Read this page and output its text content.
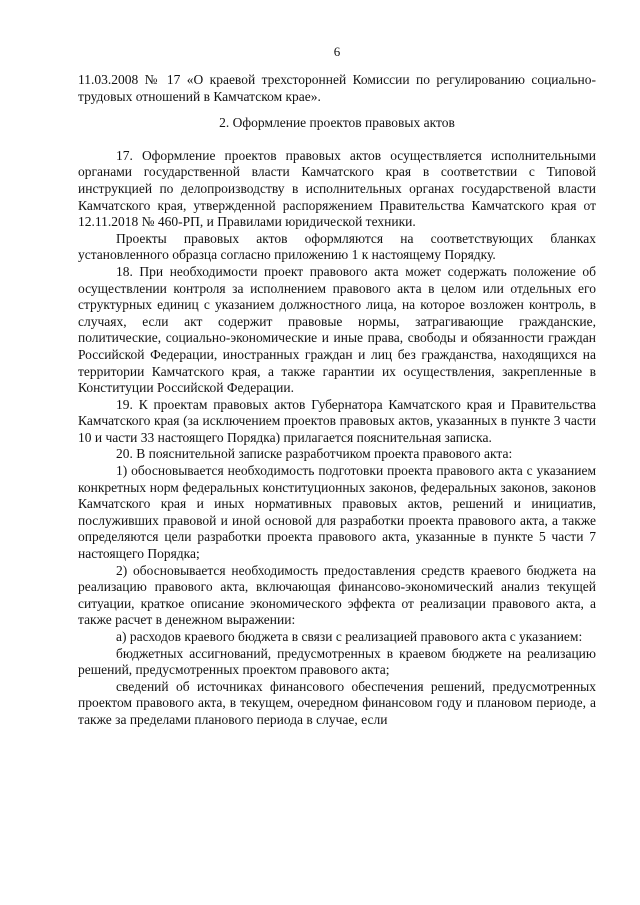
6

11.03.2008 № 17 «О краевой трехсторонней Комиссии по регулированию социально-трудовых отношений в Камчатском крае».

2. Оформление проектов правовых актов

17. Оформление проектов правовых актов осуществляется исполнительными органами государственной власти Камчатского края в соответствии с Типовой инструкцией по делопроизводству в исполнительных органах государственой власти Камчатского края, утвержденной распоряжением Правительства Камчатского края от 12.11.2018 № 460-РП, и Правилами юридической техники.

Проекты правовых актов оформляются на соответствующих бланках установленного образца согласно приложению 1 к настоящему Порядку.

18. При необходимости проект правового акта может содержать положение об осуществлении контроля за исполнением правового акта в целом или отдельных его структурных единиц с указанием должностного лица, на которое возложен контроль, в случаях, если акт содержит правовые нормы, затрагивающие гражданские, политические, социально-экономические и иные права, свободы и обязанности граждан Российской Федерации, иностранных граждан и лиц без гражданства, находящихся на территории Камчатского края, а также гарантии их осуществления, закрепленные в Конституции Российской Федерации.

19. К проектам правовых актов Губернатора Камчатского края и Правительства Камчатского края (за исключением проектов правовых актов, указанных в пункте 3 части 10 и части 33 настоящего Порядка) прилагается пояснительная записка.

20. В пояснительной записке разработчиком проекта правового акта:

1) обосновывается необходимость подготовки проекта правового акта с указанием конкретных норм федеральных конституционных законов, федеральных законов, законов Камчатского края и иных нормативных правовых актов, решений и инициатив, послуживших правовой и иной основой для разработки проекта правового акта, а также определяются цели разработки проекта правового акта, указанные в пункте 5 части 7 настоящего Порядка;

2) обосновывается необходимость предоставления средств краевого бюджета на реализацию правового акта, включающая финансово-экономический анализ текущей ситуации, краткое описание экономического эффекта от реализации правового акта, а также расчет в денежном выражении:

а) расходов краевого бюджета в связи с реализацией правового акта с указанием:

бюджетных ассигнований, предусмотренных в краевом бюджете на реализацию решений, предусмотренных проектом правового акта;

сведений об источниках финансового обеспечения решений, предусмотренных проектом правового акта, в текущем, очередном финансовом году и плановом периоде, а также за пределами планового периода в случае, если
